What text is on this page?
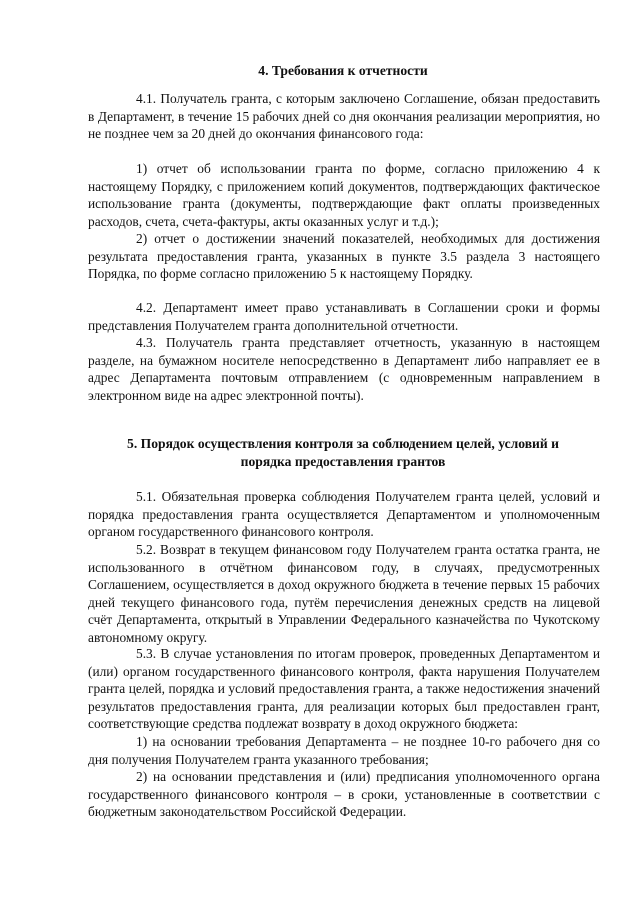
4. Требования к отчетности

4.1. Получатель гранта, с которым заключено Соглашение, обязан предоставить в Департамент, в течение 15 рабочих дней со дня окончания реализации мероприятия, но не позднее чем за 20 дней до окончания финансового года:

1) отчет об использовании гранта по форме, согласно приложению 4 к настоящему Порядку, с приложением копий документов, подтверждающих фактическое использование гранта (документы, подтверждающие факт оплаты произведенных расходов, счета, счета-фактуры, акты оказанных услуг и т.д.);

2) отчет о достижении значений показателей, необходимых для достижения результата предоставления гранта, указанных в пункте 3.5 раздела 3 настоящего Порядка, по форме согласно приложению 5 к настоящему Порядку.

4.2. Департамент имеет право устанавливать в Соглашении сроки и формы представления Получателем гранта дополнительной отчетности.

4.3. Получатель гранта представляет отчетность, указанную в настоящем разделе, на бумажном носителе непосредственно в Департамент либо направляет ее в адрес Департамента почтовым отправлением (с одновременным направлением в электронном виде на адрес электронной почты).

5. Порядок осуществления контроля за соблюдением целей, условий и
порядка предоставления грантов

5.1. Обязательная проверка соблюдения Получателем гранта целей, условий и порядка предоставления гранта осуществляется Департаментом и уполномоченным органом государственного финансового контроля.

5.2. Возврат в текущем финансовом году Получателем гранта остатка гранта, не использованного в отчётном финансовом году, в случаях, предусмотренных Соглашением, осуществляется в доход окружного бюджета в течение первых 15 рабочих дней текущего финансового года, путём перечисления денежных средств на лицевой счёт Департамента, открытый в Управлении Федерального казначейства по Чукотскому автономному округу.

5.3. В случае установления по итогам проверок, проведенных Департаментом и (или) органом государственного финансового контроля, факта нарушения Получателем гранта целей, порядка и условий предоставления гранта, а также недостижения значений результатов предоставления гранта, для реализации которых был предоставлен грант, соответствующие средства подлежат возврату в доход окружного бюджета:

1) на основании требования Департамента – не позднее 10-го рабочего дня со дня получения Получателем гранта указанного требования;

2) на основании представления и (или) предписания уполномоченного органа государственного финансового контроля – в сроки, установленные в соответствии с бюджетным законодательством Российской Федерации.
